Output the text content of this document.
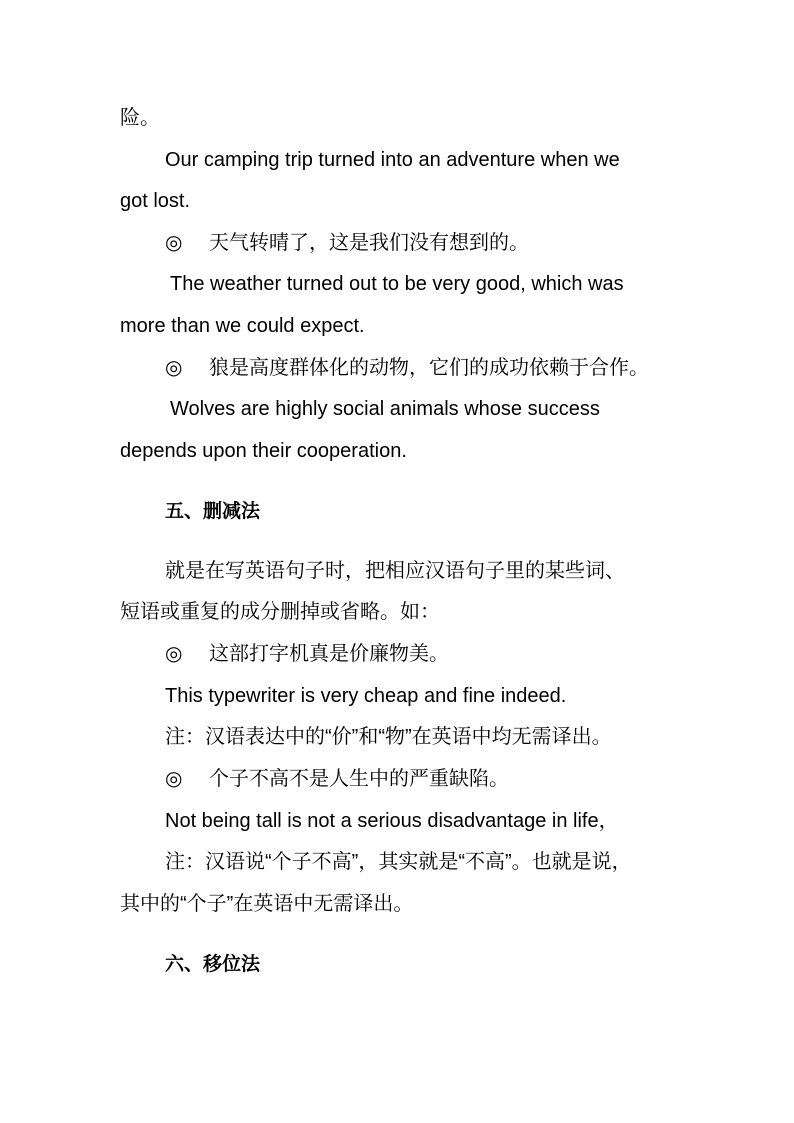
险。
Our camping trip turned into an adventure when we
got lost.
◎ 天气转晴了，这是我们没有想到的。
The weather turned out to be very good, which was
more than we could expect.
◎ 狼是高度群体化的动物，它们的成功依赖于合作。
Wolves are highly social animals whose success
depends upon their cooperation.
五、删减法
就是在写英语句子时，把相应汉语句子里的某些词、
短语或重复的成分删掉或省略。如：
◎ 这部打字机真是价廉物美。
This typewriter is very cheap and fine indeed.
注：汉语表达中的“价”和“物”在英语中均无需译出。
◎ 个子不高不是人生中的严重缺陷。
Not being tall is not a serious disadvantage in life，
注：汉语说“个子不高”，其实就是“不高”。也就是说，
其中的“个子”在英语中无需译出。
六、移位法
